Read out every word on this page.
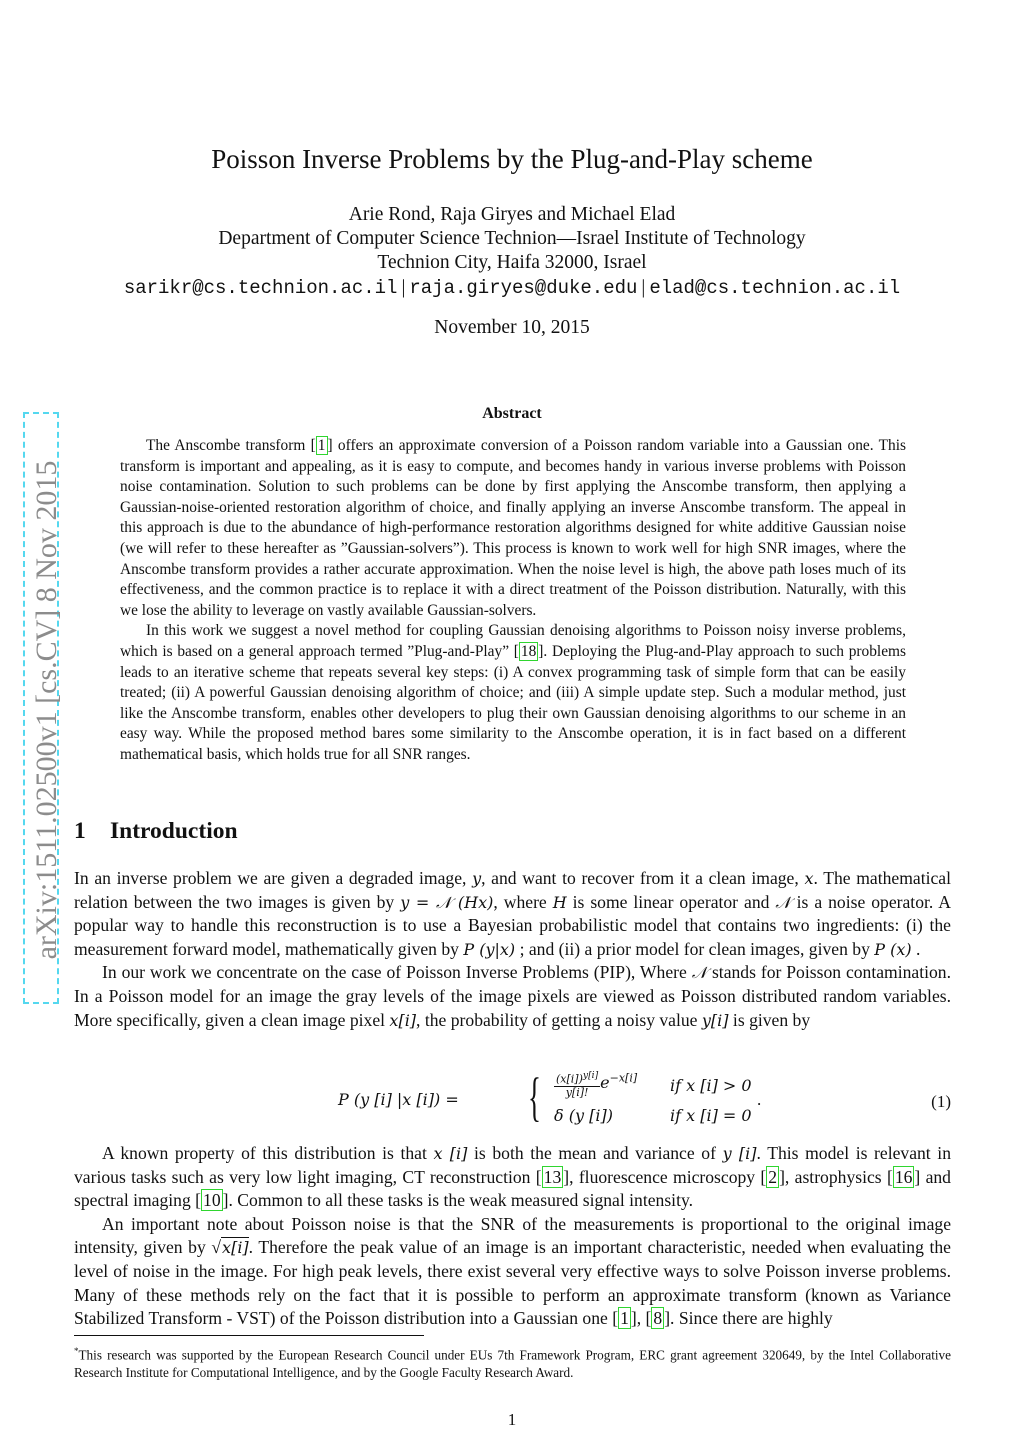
arXiv:1511.02500v1 [cs.CV] 8 Nov 2015
Poisson Inverse Problems by the Plug-and-Play scheme
Arie Rond, Raja Giryes and Michael Elad
Department of Computer Science Technion—Israel Institute of Technology
Technion City, Haifa 32000, Israel
sarikr@cs.technion.ac.il | raja.giryes@duke.edu | elad@cs.technion.ac.il
November 10, 2015
Abstract

The Anscombe transform [ 1 ] offers an approximate conversion of a Poisson random variable into a Gaussian one. This transform is important and appealing, as it is easy to compute, and becomes handy in various inverse problems with Poisson noise contamination. Solution to such problems can be done by first applying the Anscombe transform, then applying a Gaussian-noise-oriented restoration algorithm of choice, and finally applying an inverse Anscombe transform. The appeal in this approach is due to the abundance of high-performance restoration algorithms designed for white additive Gaussian noise (we will refer to these hereafter as ”Gaussian-solvers”). This process is known to work well for high SNR images, where the Anscombe transform provides a rather accurate approximation. When the noise level is high, the above path loses much of its effectiveness, and the common practice is to replace it with a direct treatment of the Poisson distribution. Naturally, with this we lose the ability to leverage on vastly available Gaussian-solvers.

In this work we suggest a novel method for coupling Gaussian denoising algorithms to Poisson noisy inverse problems, which is based on a general approach termed ”Plug-and-Play” [ 18 ]. Deploying the Plug-and-Play approach to such problems leads to an iterative scheme that repeats several key steps: (i) A convex programming task of simple form that can be easily treated; (ii) A powerful Gaussian denoising algorithm of choice; and (iii) A simple update step. Such a modular method, just like the Anscombe transform, enables other developers to plug their own Gaussian denoising algorithms to our scheme in an easy way. While the proposed method bares some similarity to the Anscombe operation, it is in fact based on a different mathematical basis, which holds true for all SNR ranges.

1 Introduction

In an inverse problem we are given a degraded image, y, and want to recover from it a clean image, x. The mathematical relation between the two images is given by y = 𝒩 (Hx), where H is some linear operator and 𝒩 is a noise operator. A popular way to handle this reconstruction is to use a Bayesian probabilistic model that contains two ingredients: (i) the measurement forward model, mathematically given by P (y|x) ; and (ii) a prior model for clean images, given by P (x) .

In our work we concentrate on the case of Poisson Inverse Problems (PIP), Where 𝒩 stands for Poisson contamination. In a Poisson model for an image the gray levels of the image pixels are viewed as Poisson distributed random variables. More specifically, given a clean image pixel x[i], the probability of getting a noisy value y[i] is given by

P (y [i] |x [i]) = { $\frac{(x[i])^{y[i]}}{y[i]!} e^{-x[i]}$
δ (y [i])
if x [i] > 0
if x [i] = 0
.	(1)

A known property of this distribution is that x [i] is both the mean and variance of y [i]. This model is relevant in various tasks such as very low light imaging, CT reconstruction [ 13 ], fluorescence microscopy [ 2 ], astrophysics [ 16 ] and spectral imaging [ 10 ]. Common to all these tasks is the weak measured signal intensity.

An important note about Poisson noise is that the SNR of the measurements is proportional to the original image intensity, given by √x[i]. Therefore the peak value of an image is an important characteristic, needed when evaluating the level of noise in the image. For high peak levels, there exist several very effective ways to solve Poisson inverse problems. Many of these methods rely on the fact that it is possible to perform an approximate transform (known as Variance Stabilized Transform - VST) of the Poisson distribution into a Gaussian one [ 1 ], [ 8 ]. Since there are highly

*This research was supported by the European Research Council under EUs 7th Framework Program, ERC grant agreement 320649, by the Intel Collaborative Research Institute for Computational Intelligence, and by the Google Faculty Research Award.
1
